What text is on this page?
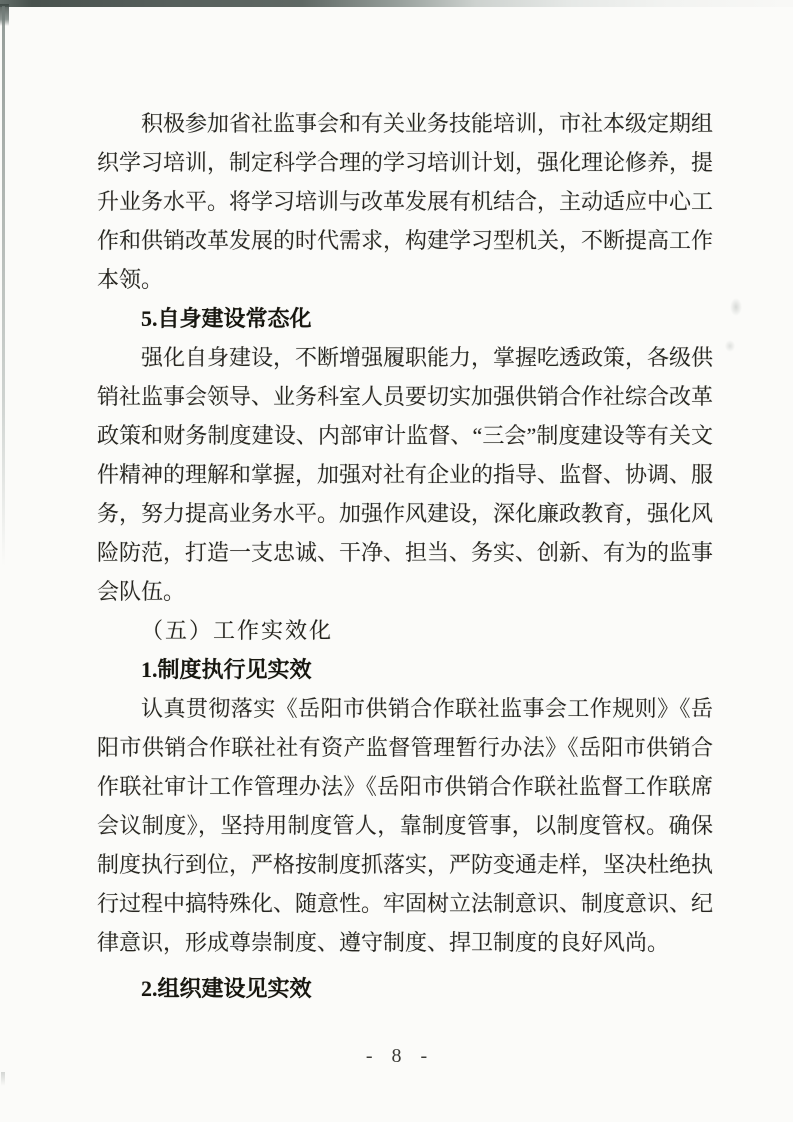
积极参加省社监事会和有关业务技能培训，市社本级定期组织学习培训，制定科学合理的学习培训计划，强化理论修养，提升业务水平。将学习培训与改革发展有机结合，主动适应中心工作和供销改革发展的时代需求，构建学习型机关，不断提高工作本领。

5.自身建设常态化

强化自身建设，不断增强履职能力，掌握吃透政策，各级供销社监事会领导、业务科室人员要切实加强供销合作社综合改革政策和财务制度建设、内部审计监督、“三会”制度建设等有关文件精神的理解和掌握，加强对社有企业的指导、监督、协调、服务，努力提高业务水平。加强作风建设，深化廉政教育，强化风险防范，打造一支忠诚、干净、担当、务实、创新、有为的监事会队伍。

（五）工作实效化
1.制度执行见实效

认真贯彻落实《岳阳市供销合作联社监事会工作规则》《岳阳市供销合作联社社有资产监督管理暂行办法》《岳阳市供销合作联社审计工作管理办法》《岳阳市供销合作联社监督工作联席会议制度》，坚持用制度管人，靠制度管事，以制度管权。确保制度执行到位，严格按制度抓落实，严防变通走样，坚决杜绝执行过程中搞特殊化、随意性。牢固树立法制意识、制度意识、纪律意识，形成尊崇制度、遵守制度、捍卫制度的良好风尚。

2.组织建设见实效
- 8 -
